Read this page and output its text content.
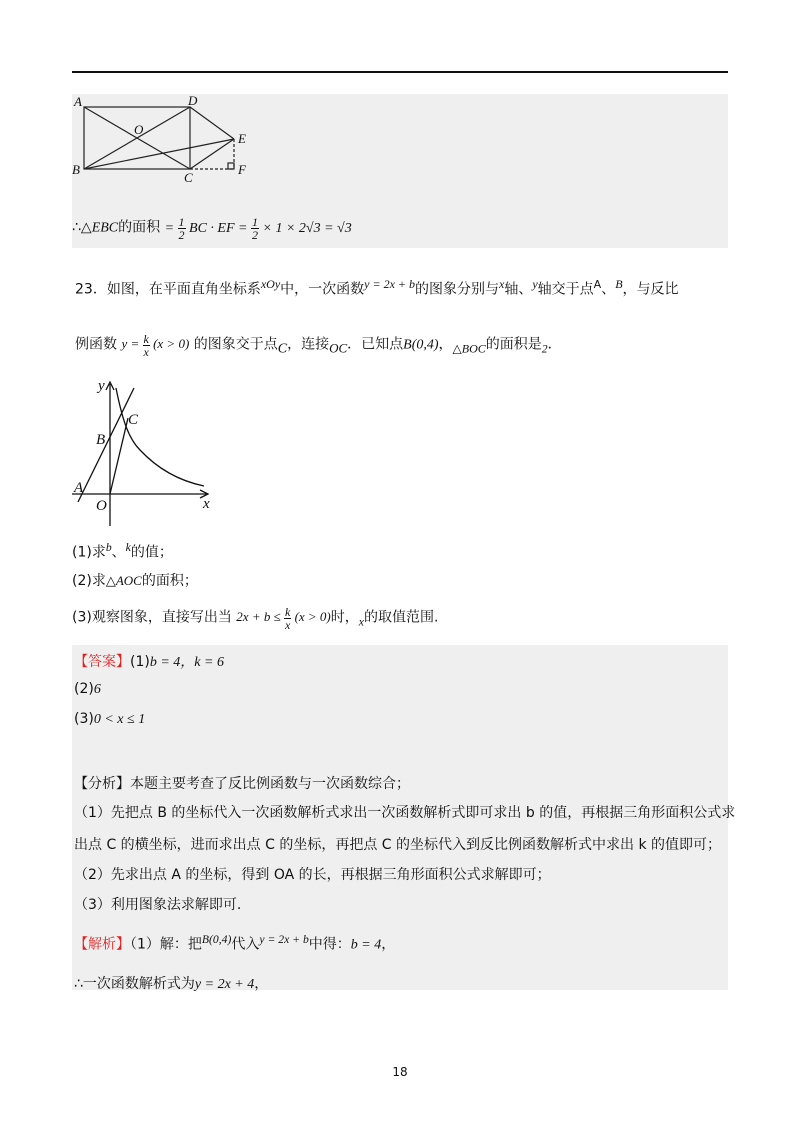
A	D
O
E
B
C
F
∴△EBC的面积 = $\frac{1}{2}$ BC · EF = $\frac{1}{2} \times 1 \times 2√3 = √3$
23．如图，在平面直角坐标系$^{xOy}$中，一次函数$^{y = 2x + b}$的图象分别与$^x$轴、$^y$轴交于点$^A$、$^B$，与反比
例函数 $y = \frac{k}{x} (x > 0)$ 的图象交于点$_C$，连接$_{OC}$．已知点B(0,4)，$_{\triangle BOC}$的面积是$_2$．
y
x
O
A
B
C
(1)求$^b$、$^k$的值；
(2)求△AOC的面积；
(3)观察图象，直接写出当 $2x + b \le \frac{k}{x} (x > 0)$时，$_x$的取值范围.
【答案】(1)b = 4，k = 6
(2)6
(3)0 < x ≤ 1
【分析】本题主要考查了反比例函数与一次函数综合；
（1）先把点 B 的坐标代入一次函数解析式求出一次函数解析式即可求出 b 的值，再根据三角形面积公式求
出点 C 的横坐标，进而求出点 C 的坐标，再把点 C 的坐标代入到反比例函数解析式中求出 k 的值即可；
（2）先求出点 A 的坐标，得到 OA 的长，再根据三角形面积公式求解即可；
（3）利用图象法求解即可.
【解析】（1）解：把$^{B(0,4)}$代入$^{y = 2x + b}$中得：b = 4，
∴一次函数解析式为y = 2x + 4，
18
